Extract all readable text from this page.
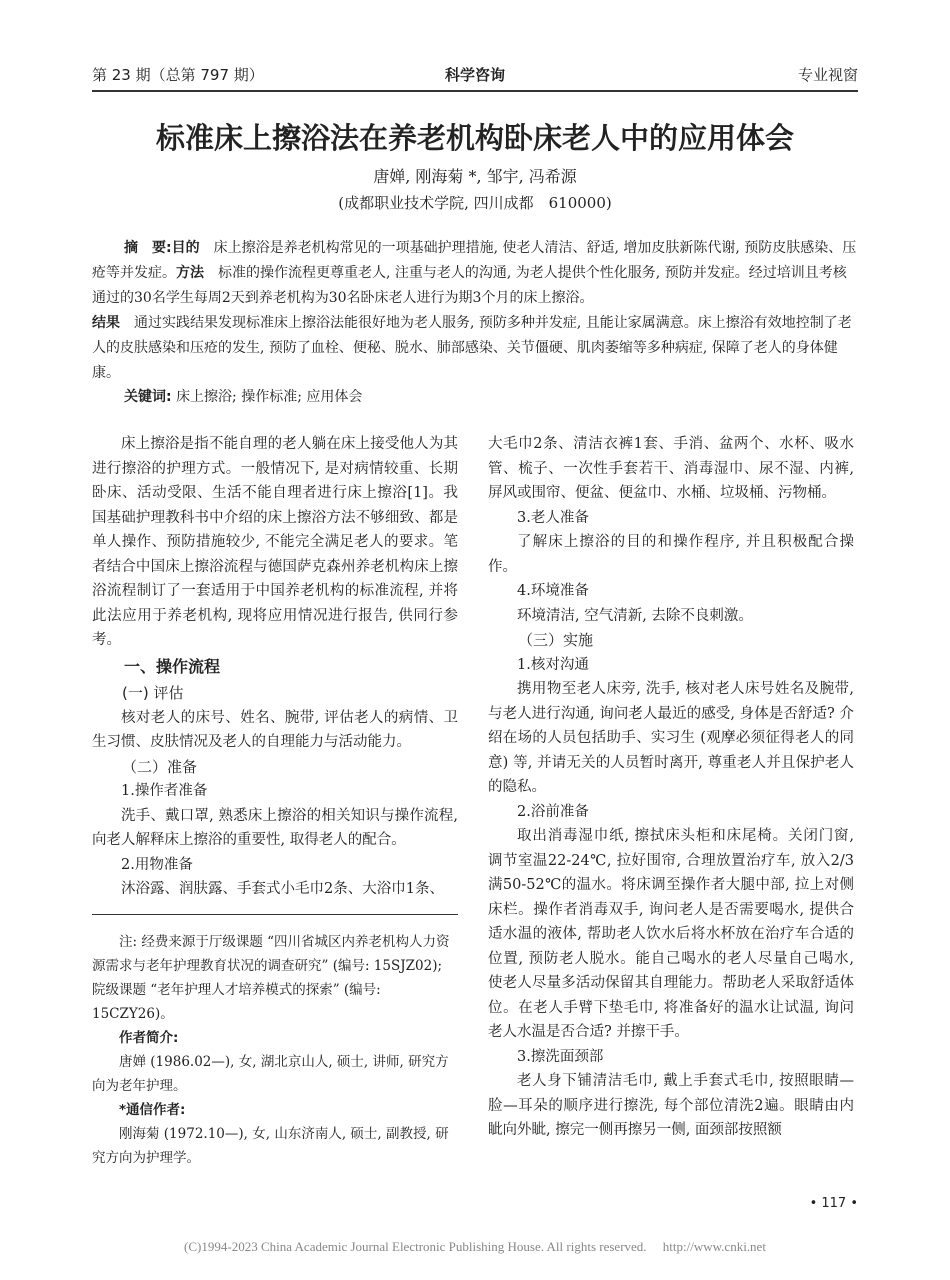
第 23 期（总第 797 期）	科学咨询	专业视窗
标准床上擦浴法在养老机构卧床老人中的应用体会
唐婵, 刚海菊 *, 邹宇, 冯希源
(成都职业技术学院, 四川成都　610000)

摘　要:目的　 床上擦浴是养老机构常见的一项基础护理措施, 使老人清洁、舒适, 增加皮肤新陈代谢, 预防皮肤感染、压疮等并发症。方法　 标准的操作流程更尊重老人, 注重与老人的沟通, 为老人提供个性化服务, 预防并发症。经过培训且考核通过的30名学生每周2天到养老机构为30名卧床老人进行为期3个月的床上擦浴。
结果　 通过实践结果发现标准床上擦浴法能很好地为老人服务, 预防多种并发症, 且能让家属满意。床上擦浴有效地控制了老人的皮肤感染和压疮的发生, 预防了血栓、便秘、脱水、肺部感染、关节僵硬、肌肉萎缩等多种病症, 保障了老人的身体健康。

关键词: 床上擦浴; 操作标准; 应用体会

床上擦浴是指不能自理的老人躺在床上接受他人为其进行擦浴的护理方式。一般情况下, 是对病情较重、长期卧床、活动受限、生活不能自理者进行床上擦浴[1]。我国基础护理教科书中介绍的床上擦浴方法不够细致、都是单人操作、预防措施较少, 不能完全满足老人的要求。笔者结合中国床上擦浴流程与德国萨克森州养老机构床上擦浴流程制订了一套适用于中国养老机构的标准流程, 并将此法应用于养老机构, 现将应用情况进行报告, 供同行参考。

一、操作流程

(一) 评估

核对老人的床号、姓名、腕带, 评估老人的病情、卫生习惯、皮肤情况及老人的自理能力与活动能力。

（二）准备

1.操作者准备

洗手、戴口罩, 熟悉床上擦浴的相关知识与操作流程, 向老人解释床上擦浴的重要性, 取得老人的配合。

2.用物准备

沐浴露、润肤露、手套式小毛巾2条、大浴巾1条、

注: 经费来源于厅级课题 “四川省城区内养老机构人力资源需求与老年护理教育状况的调查研究” (编号: 15SJZ02); 院级课题 “老年护理人才培养模式的探索” (编号: 15CZY26)。

作者简介:

唐婵 (1986.02—), 女, 湖北京山人, 硕士, 讲师, 研究方向为老年护理。

*通信作者:

刚海菊 (1972.10—), 女, 山东济南人, 硕士, 副教授, 研究方向为护理学。

大毛巾2条、清洁衣裤1套、手消、盆两个、水杯、吸水管、梳子、一次性手套若干、消毒湿巾、尿不湿、内裤, 屏风或围帘、便盆、便盆巾、水桶、垃圾桶、污物桶。

3.老人准备

了解床上擦浴的目的和操作程序, 并且积极配合操作。

4.环境准备

环境清洁, 空气清新, 去除不良刺激。

（三）实施

1.核对沟通

携用物至老人床旁, 洗手, 核对老人床号姓名及腕带, 与老人进行沟通, 询问老人最近的感受, 身体是否舒适? 介绍在场的人员包括助手、实习生 (观摩必须征得老人的同意) 等, 并请无关的人员暂时离开, 尊重老人并且保护老人的隐私。

2.浴前准备

取出消毒湿巾纸, 擦拭床头柜和床尾椅。关闭门窗, 调节室温22-24℃, 拉好围帘, 合理放置治疗车, 放入2/3满50-52℃的温水。将床调至操作者大腿中部, 拉上对侧床栏。操作者消毒双手, 询问老人是否需要喝水, 提供合适水温的液体, 帮助老人饮水后将水杯放在治疗车合适的位置, 预防老人脱水。能自己喝水的老人尽量自己喝水, 使老人尽量多活动保留其自理能力。帮助老人采取舒适体位。在老人手臂下垫毛巾, 将准备好的温水让试温, 询问老人水温是否合适? 并擦干手。

3.擦洗面颈部

老人身下铺清洁毛巾, 戴上手套式毛巾, 按照眼睛—脸—耳朵的顺序进行擦洗, 每个部位清洗2遍。眼睛由内眦向外眦, 擦完一侧再擦另一侧, 面颈部按照额

• 117 •
(C)1994-2023 China Academic Journal Electronic Publishing House. All rights reserved.　 http://www.cnki.net
